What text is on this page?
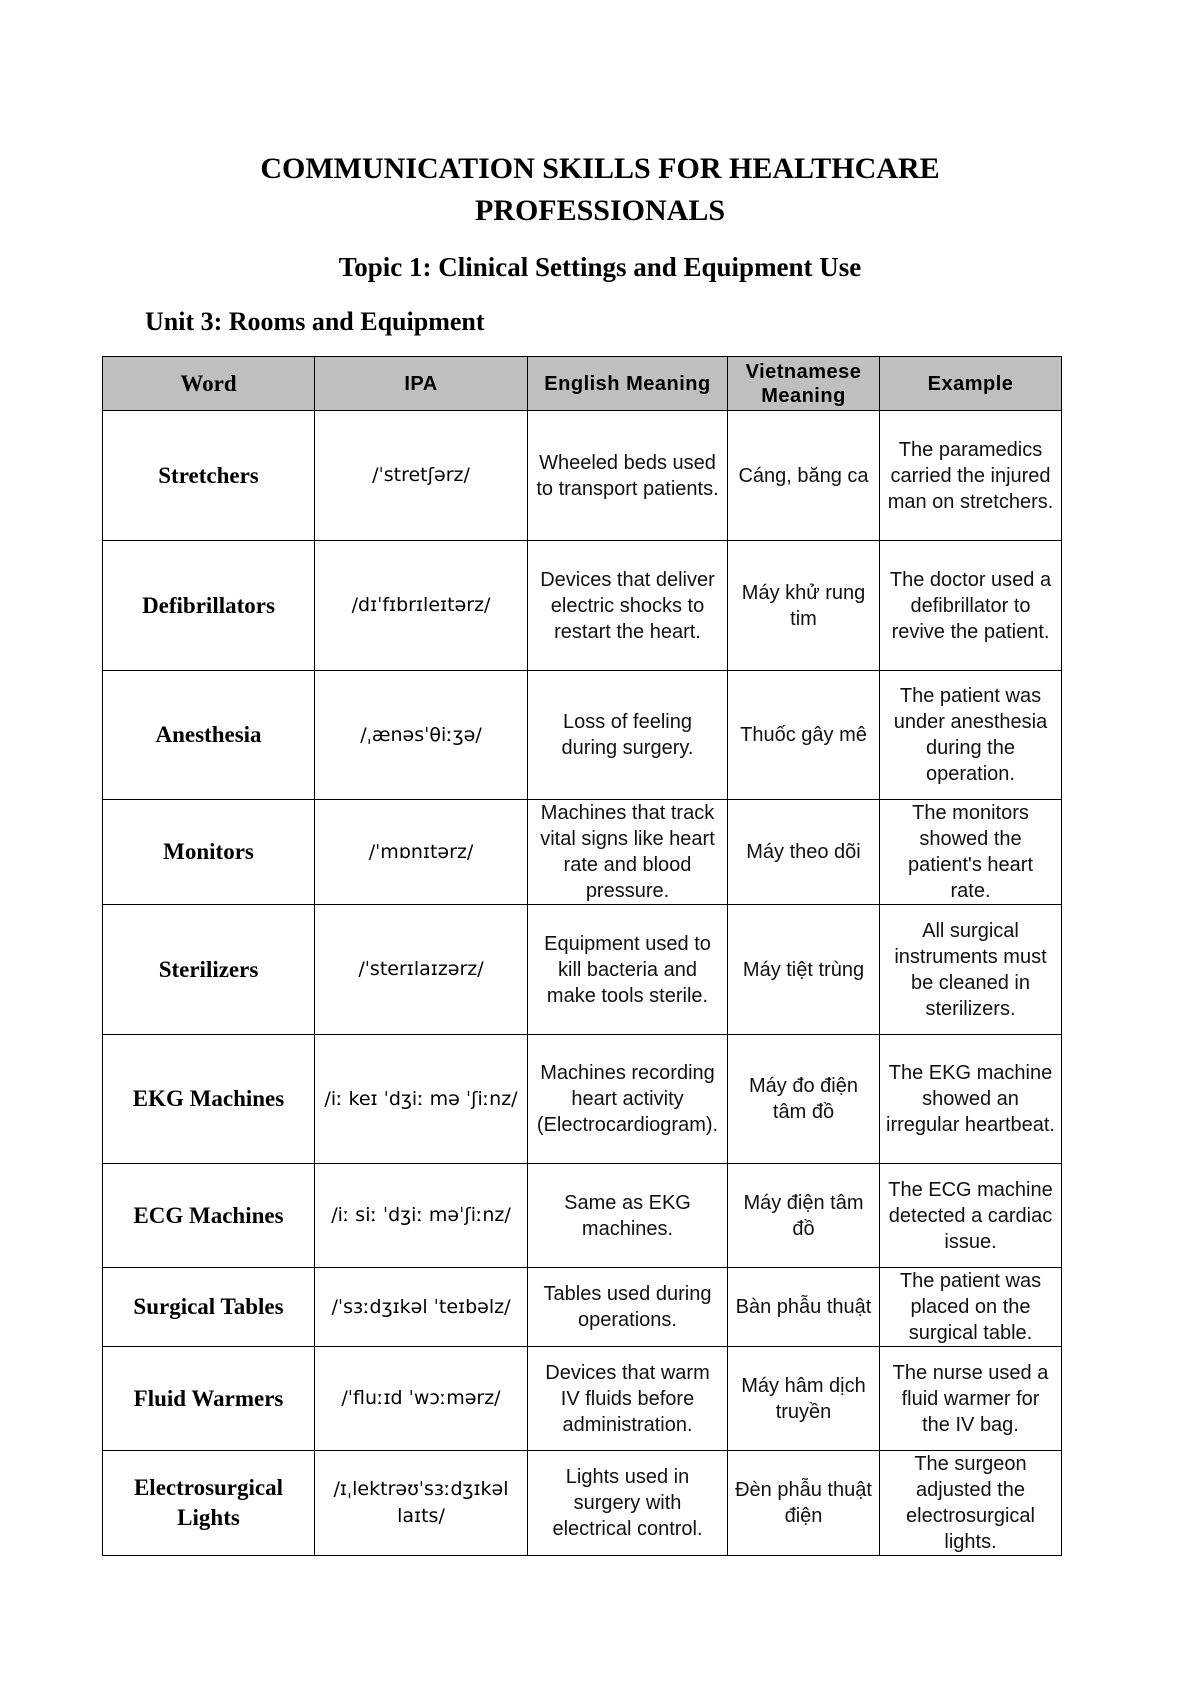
COMMUNICATION SKILLS FOR HEALTHCARE
PROFESSIONALS
Topic 1: Clinical Settings and Equipment Use
Unit 3: Rooms and Equipment
Word	IPA	English Meaning	Vietnamese Meaning	Example
Stretchers	/ˈstretʃərz/	Wheeled beds used to transport patients.	Cáng, băng ca	The paramedics carried the injured man on stretchers.
Defibrillators	/dɪˈfɪbrɪleɪtərz/	Devices that deliver electric shocks to restart the heart.	Máy khử rung tim	The doctor used a defibrillator to revive the patient.
Anesthesia	/ˌænəsˈθiːʒə/	Loss of feeling during surgery.	Thuốc gây mê	The patient was under anesthesia during the operation.
Monitors	/ˈmɒnɪtərz/	Machines that track vital signs like heart rate and blood pressure.	Máy theo dõi	The monitors showed the patient's heart rate.
Sterilizers	/ˈsterɪlaɪzərz/	Equipment used to kill bacteria and make tools sterile.	Máy tiệt trùng	All surgical instruments must be cleaned in sterilizers.
EKG Machines	/iː keɪ ˈdʒiː mə ˈʃiːnz/	Machines recording heart activity (Electrocardiogram).	Máy đo điện tâm đồ	The EKG machine showed an irregular heartbeat.
ECG Machines	/iː siː ˈdʒiː məˈʃiːnz/	Same as EKG machines.	Máy điện tâm đồ	The ECG machine detected a cardiac issue.
Surgical Tables	/ˈsɜːdʒɪkəl ˈteɪbəlz/	Tables used during operations.	Bàn phẫu thuật	The patient was placed on the surgical table.
Fluid Warmers	/ˈfluːɪd ˈwɔːmərz/	Devices that warm IV fluids before administration.	Máy hâm dịch truyền	The nurse used a fluid warmer for the IV bag.
Electrosurgical Lights	/ɪˌlektrəʊˈsɜːdʒɪkəl laɪts/	Lights used in surgery with electrical control.	Đèn phẫu thuật điện	The surgeon adjusted the electrosurgical lights.
